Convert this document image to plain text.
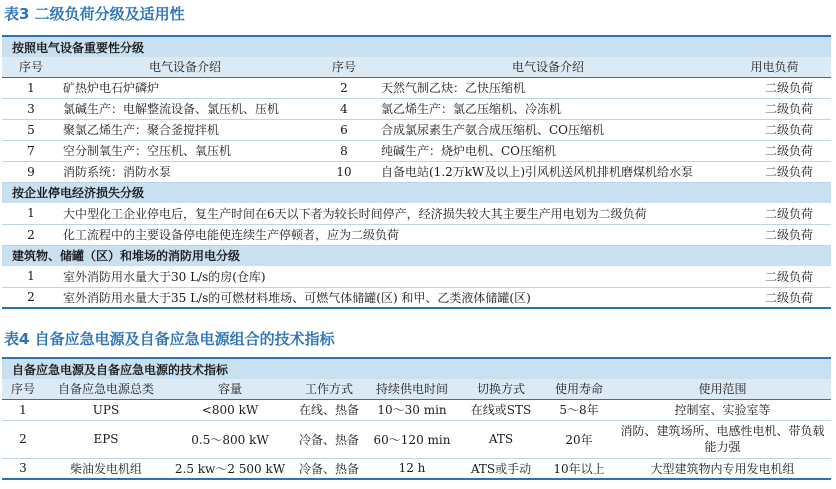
表3 二级负荷分级及适用性
按照电气设备重要性分级				
序号	电气设备介绍	序号	电气设备介绍	用电负荷
1	矿热炉电石炉磷炉	2	天然气制乙炔：乙快压缩机	二级负荷
3	氯碱生产：电解整流设备、氯压机、压机	4	氯乙烯生产：氯乙压缩机、冷冻机	二级负荷
5	聚氯乙烯生产：聚合釜搅拌机	6	合成氯尿素生产氨合成压缩机、CO压缩机	二级负荷
7	空分制氧生产：空压机、氧压机	8	纯碱生产：烧炉电机、CO压缩机	二级负荷
9	消防系统：消防水泵	10	自备电站(1.2万kW及以上)引风机送风机排机磨煤机给水泵	二级负荷
按企业停电经济损失分级				
1	大中型化工企业停电后，复生产时间在6天以下者为较长时间停产，经济损失较大其主要生产用电划为二级负荷			二级负荷
2	化工流程中的主要设备停电能使连续生产停顿者，应为二级负荷			二级负荷
建筑物、储罐（区）和堆场的消防用电分级				
1	室外消防用水量大于30 L/s的房(仓库)			二级负荷
2	室外消防用水量大于35 L/s的可燃材料堆场、可燃气体储罐(区) 和甲、乙类液体储罐(区)			二级负荷
表4 自备应急电源及自备应急电源组合的技术指标
自备应急电源及自备应急电源的技术指标							
序号	自备应急电源总类	容量	工作方式	持续供电时间	切换方式	使用寿命	使用范围
1	UPS	<800 kW	在线、热备	10～30 min	在线或STS	5～8年	控制室、实验室等
2	EPS	0.5～800 kW	冷备、热备	60～120 min	ATS	20年	消防、建筑场所、电感性电机、带负载能力强
3	柴油发电机组	2.5 kw～2 500 kW	冷备、热备	12 h	ATS或手动	10年以上	大型建筑物内专用发电机组
